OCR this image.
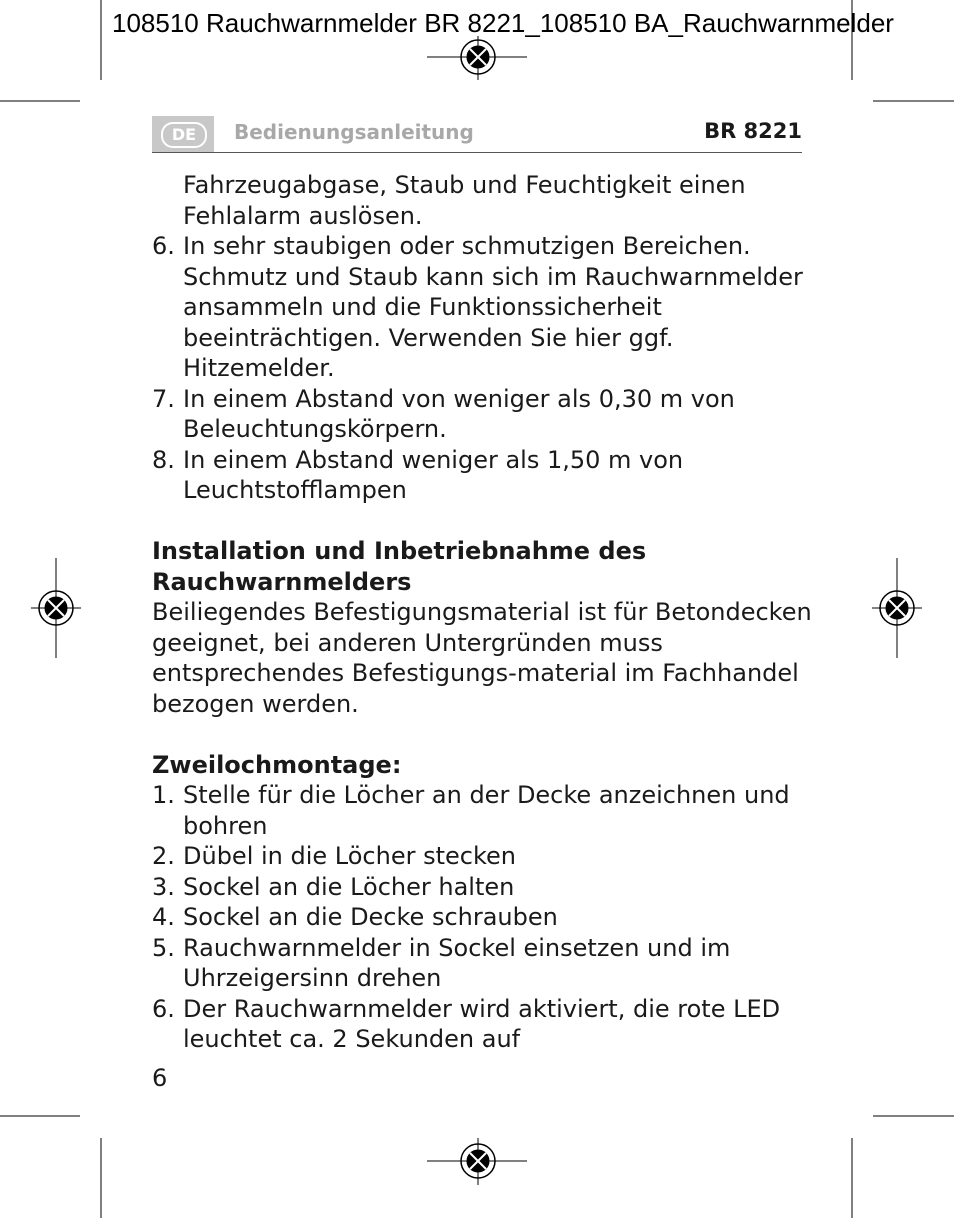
108510 Rauchwarnmelder BR 8221_108510 BA_Rauchwarnmelder
DE	Bedienungsanleitung	BR 8221

Fahrzeugabgase, Staub und Feuchtigkeit einen Fehlalarm auslösen.

6. In sehr staubigen oder schmutzigen Bereichen. Schmutz und Staub kann sich im Rauchwarnmelder ansammeln und die Funktionssicherheit beeinträchtigen. Verwenden Sie hier ggf. Hitzemelder.
7. In einem Abstand von weniger als 0,30 m von Beleuchtungskörpern.
8. In einem Abstand weniger als 1,50 m von Leuchtstofflampen

Installation und Inbetriebnahme des Rauchwarnmelders

Beiliegendes Befestigungsmaterial ist für Betondecken geeignet, bei anderen Untergründen muss entsprechendes Befestigungs-material im Fachhandel bezogen werden.

Zweilochmontage:

1. Stelle für die Löcher an der Decke anzeichnen und bohren
2. Dübel in die Löcher stecken
3. Sockel an die Löcher halten
4. Sockel an die Decke schrauben
5. Rauchwarnmelder in Sockel einsetzen und im Uhrzeigersinn drehen
6. Der Rauchwarnmelder wird aktiviert, die rote LED leuchtet ca. 2 Sekunden auf
6
